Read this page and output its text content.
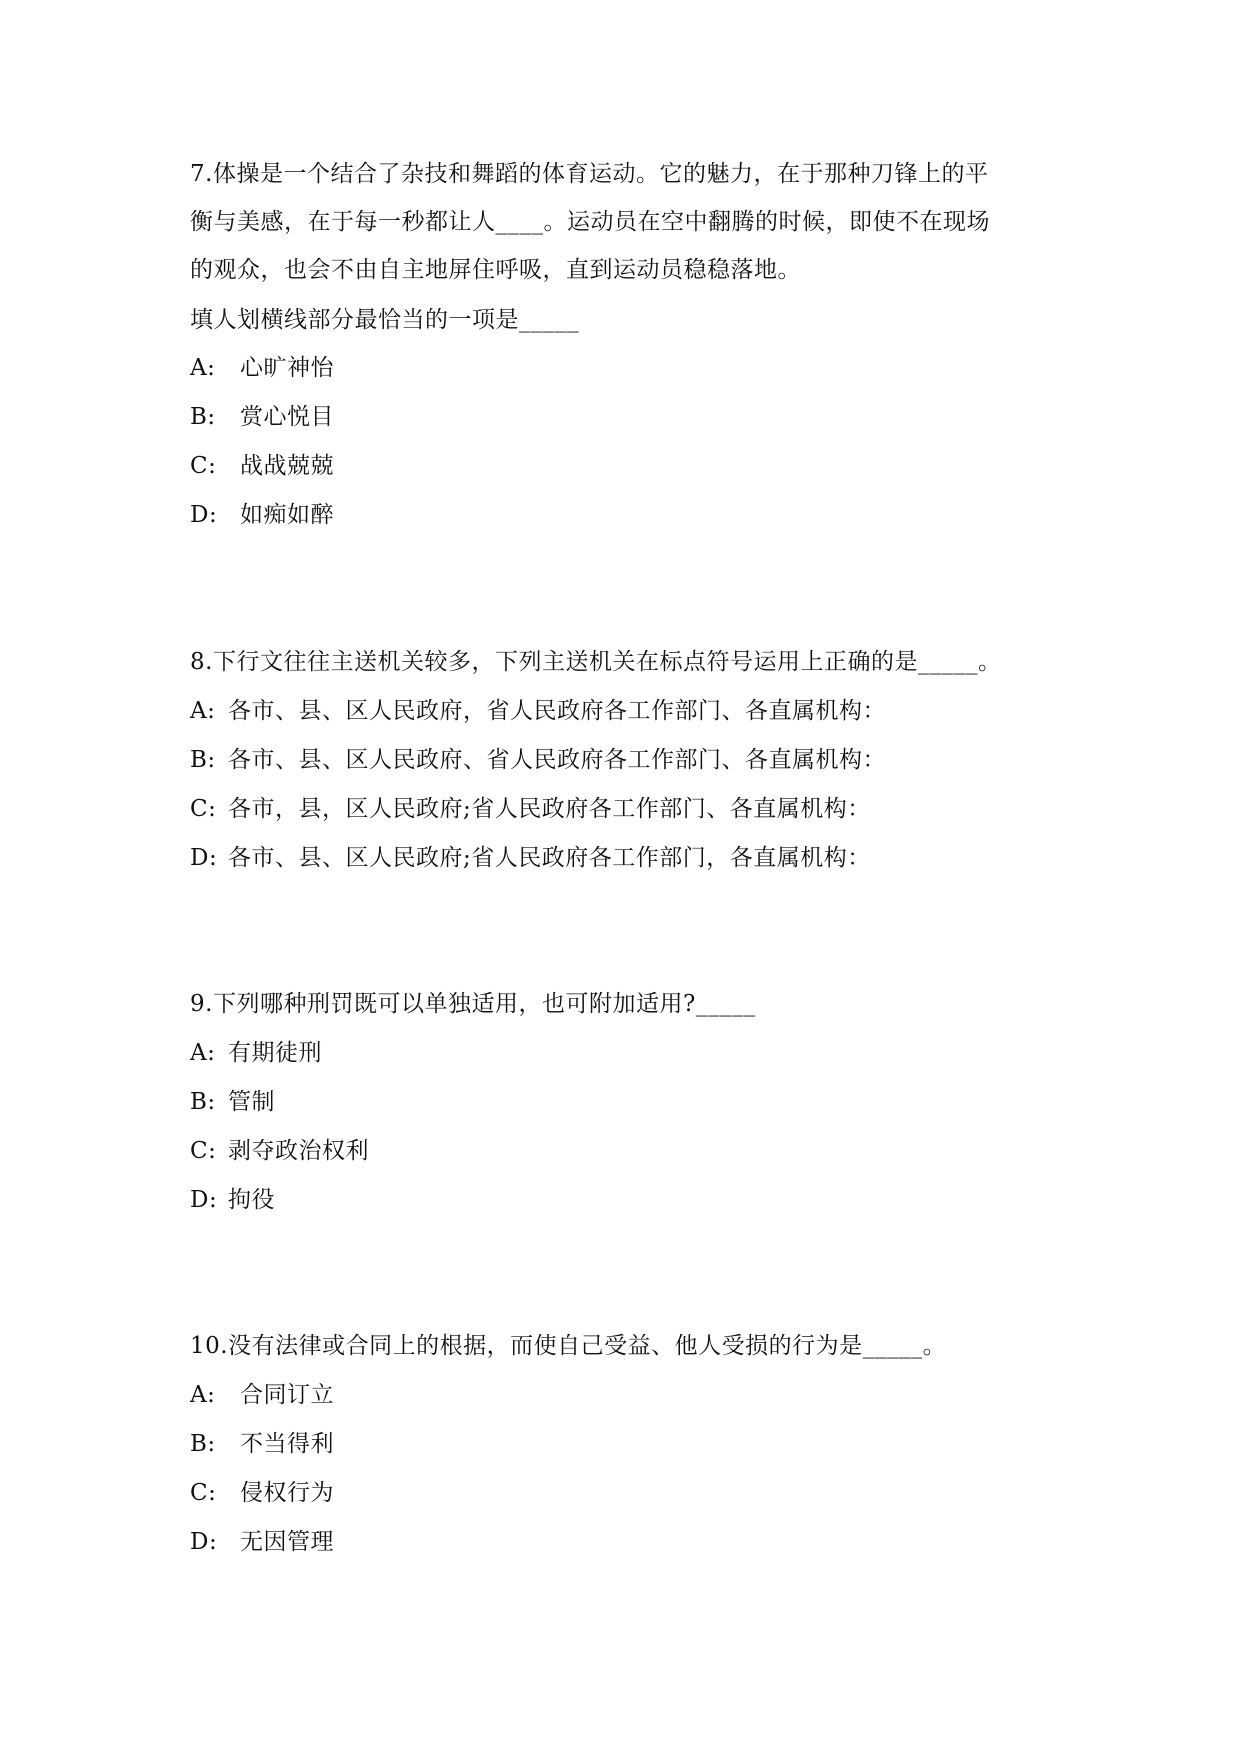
7.体操是一个结合了杂技和舞蹈的体育运动。它的魅力，在于那种刀锋上的平
衡与美感，在于每一秒都让人____。运动员在空中翻腾的时候，即使不在现场
的观众，也会不由自主地屏住呼吸，直到运动员稳稳落地。
填人划横线部分最恰当的一项是_____
A:	心旷神怡
B:	赏心悦目
C:	战战兢兢
D: 如痴如醉
8.下行文往往主送机关较多，下列主送机关在标点符号运用上正确的是_____。
A: 各市、县、区人民政府，省人民政府各工作部门、各直属机构：
B: 各市、县、区人民政府、省人民政府各工作部门、各直属机构：
C: 各市，县，区人民政府;省人民政府各工作部门、各直属机构：
D: 各市、县、区人民政府;省人民政府各工作部门，各直属机构：
9.下列哪种刑罚既可以单独适用，也可附加适用?_____
A: 有期徒刑
B: 管制
C: 剥夺政治权利
D: 拘役
10.没有法律或合同上的根据，而使自己受益、他人受损的行为是_____。
A:	合同订立
B:	不当得利
C:	侵权行为
D: 无因管理
